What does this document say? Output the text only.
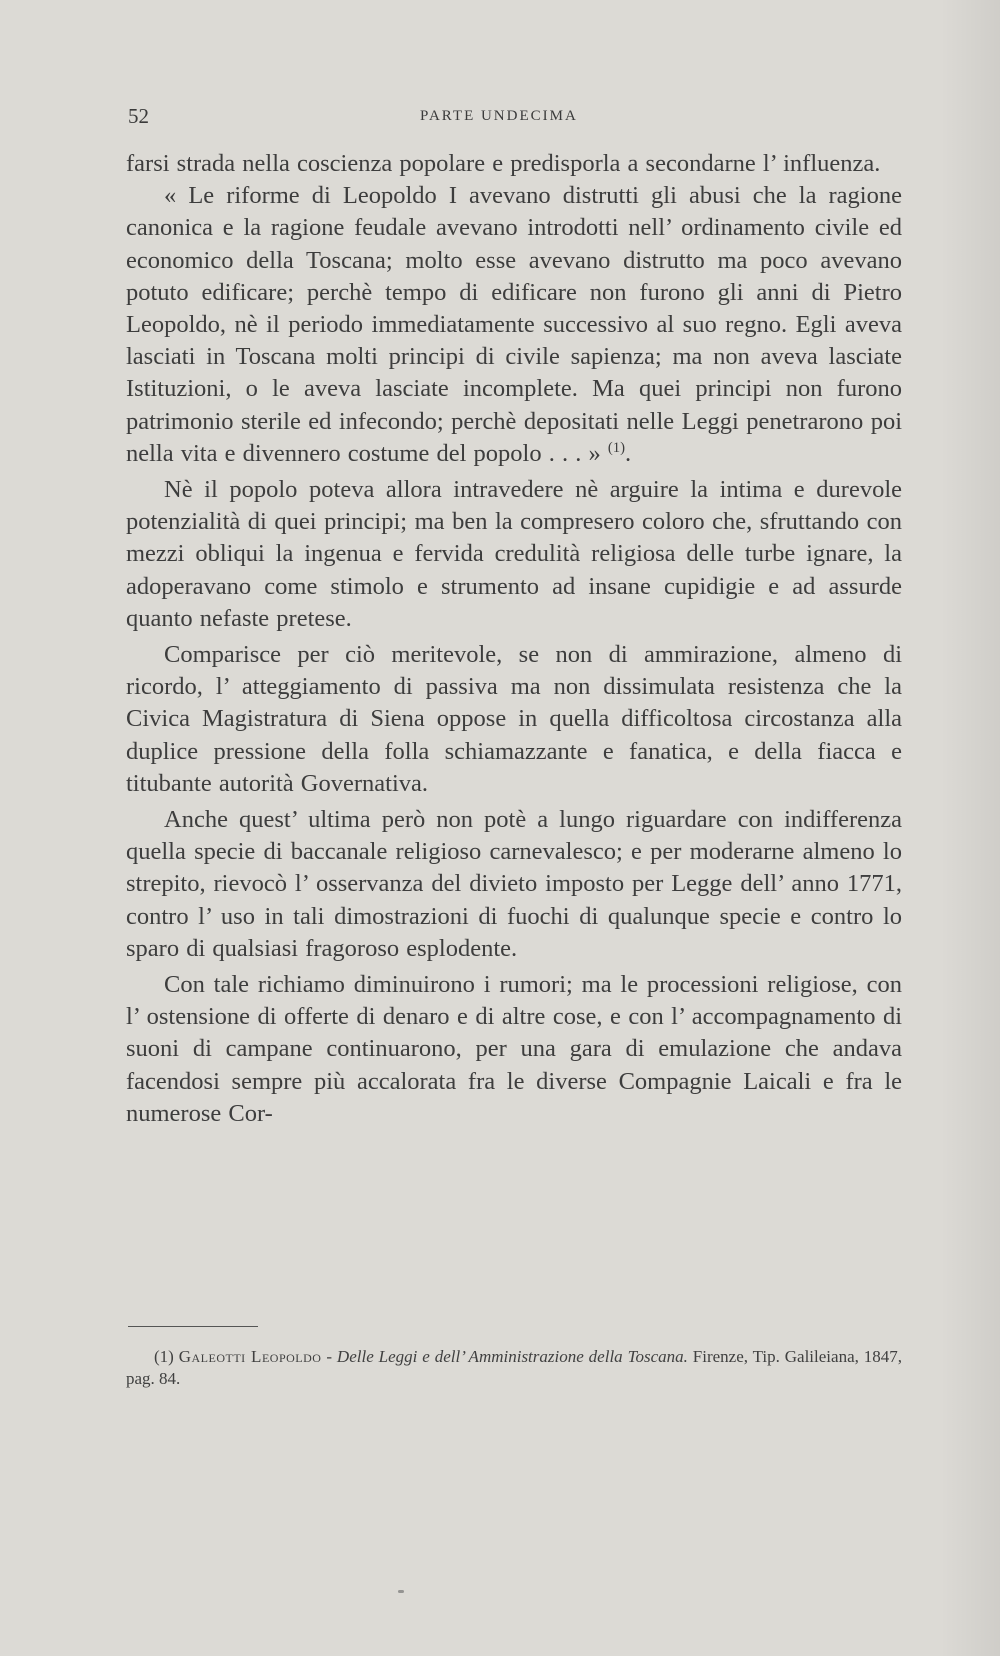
52	PARTE UNDECIMA

farsi strada nella coscienza popolare e predisporla a secondarne l’ influenza.

« Le riforme di Leopoldo I avevano distrutti gli abusi che la ragione canonica e la ragione feudale avevano introdotti nell’ ordinamento civile ed economico della Toscana; molto esse avevano distrutto ma poco avevano potuto edificare; perchè tempo di edificare non furono gli anni di Pietro Leopoldo, nè il periodo immediatamente successivo al suo regno. Egli aveva lasciati in Toscana molti principi di civile sapienza; ma non aveva lasciate Istituzioni, o le aveva lasciate incomplete. Ma quei principi non furono patrimonio sterile ed infecondo; perchè depositati nelle Leggi penetrarono poi nella vita e divennero costume del popolo . . . » $^{(1)}$.

Nè il popolo poteva allora intravedere nè arguire la intima e durevole potenzialità di quei principi; ma ben la compresero coloro che, sfruttando con mezzi obliqui la ingenua e fervida credulità religiosa delle turbe ignare, la adoperavano come stimolo e strumento ad insane cupidigie e ad assurde quanto nefaste pretese.

Comparisce per ciò meritevole, se non di ammirazione, almeno di ricordo, l’ atteggiamento di passiva ma non dissimulata resistenza che la Civica Magistratura di Siena oppose in quella difficoltosa circostanza alla duplice pressione della folla schiamazzante e fanatica, e della fiacca e titubante autorità Governativa.

Anche quest’ ultima però non potè a lungo riguardare con indifferenza quella specie di baccanale religioso carnevalesco; e per moderarne almeno lo strepito, rievocò l’ osservanza del divieto imposto per Legge dell’ anno 1771, contro l’ uso in tali dimostrazioni di fuochi di qualunque specie e contro lo sparo di qualsiasi fragoroso esplodente.

Con tale richiamo diminuirono i rumori; ma le processioni religiose, con l’ ostensione di offerte di denaro e di altre cose, e con l’ accompagnamento di suoni di campane continuarono, per una gara di emulazione che andava facendosi sempre più accalorata fra le diverse Compagnie Laicali e fra le numerose Cor-

(1) Galeotti Leopoldo - Delle Leggi e dell’ Amministrazione della Toscana. Firenze, Tip. Galileiana, 1847, pag. 84.
